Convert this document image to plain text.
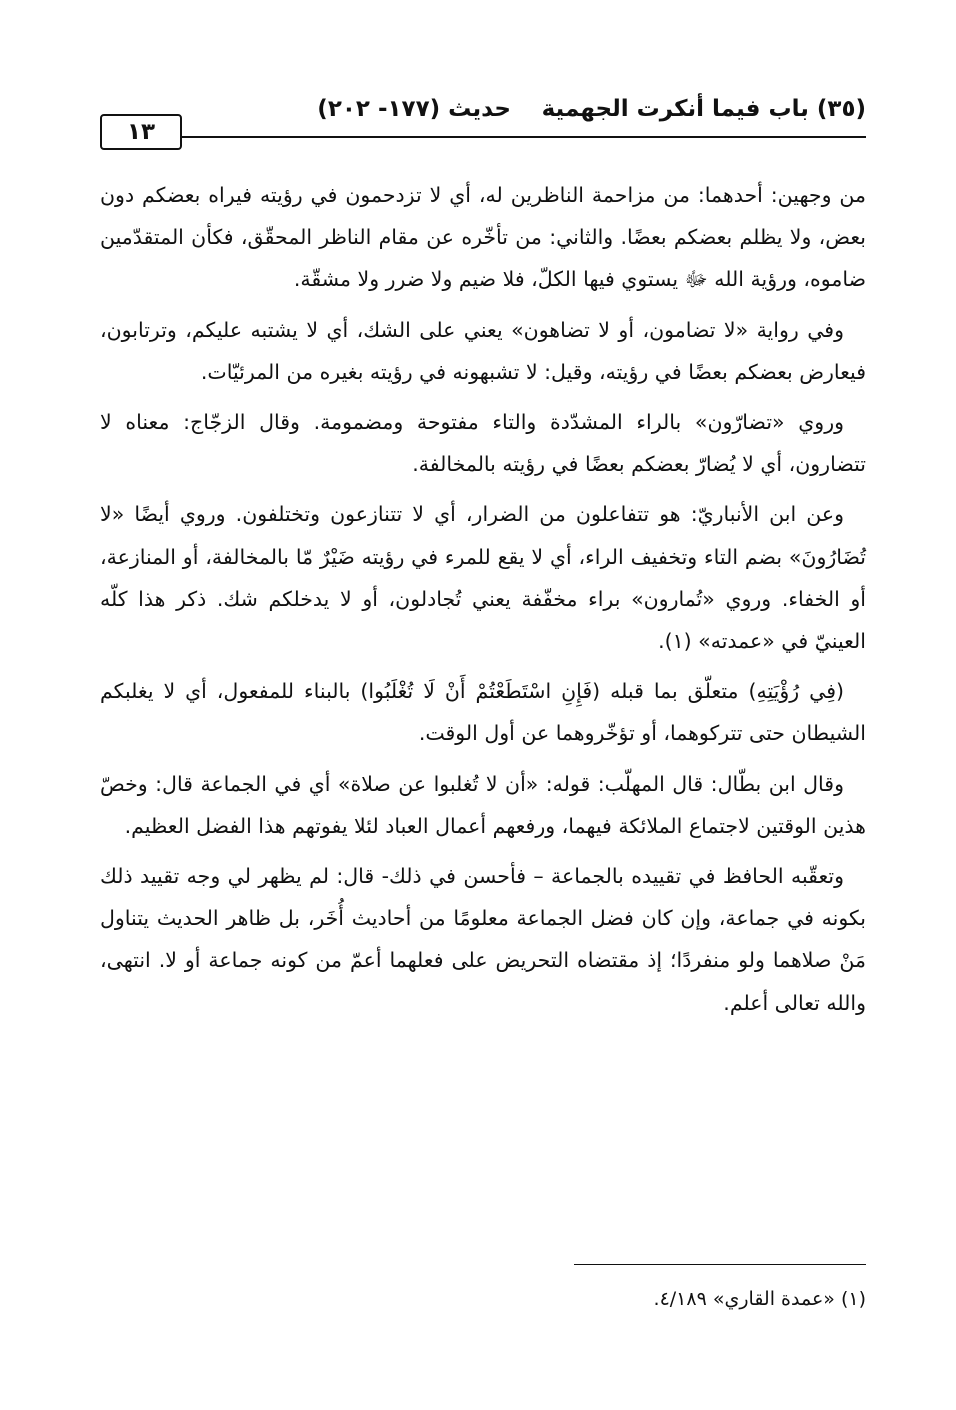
(٣٥) باب فيما أنكرت الجهمية
حديث (١٧٧- ٢٠٢)
١٣

من وجهين: أحدهما: من مزاحمة الناظرين له، أي لا تزدحمون في رؤيته فيراه بعضكم دون بعض، ولا يظلم بعضكم بعضًا. والثاني: من تأخّره عن مقام الناظر المحقّق، فكأن المتقدّمين ضاموه، ورؤية الله ﷻ يستوي فيها الكلّ، فلا ضيم ولا ضرر ولا مشقّة.

وفي رواية «لا تضامون، أو لا تضاهون» يعني على الشك، أي لا يشتبه عليكم، وترتابون، فيعارض بعضكم بعضًا في رؤيته، وقيل: لا تشبهونه في رؤيته بغيره من المرئيّات.

وروي «تضارّون» بالراء المشدّدة والتاء مفتوحة ومضمومة. وقال الزجّاج: معناه لا تتضارون، أي لا يُضارّ بعضكم بعضًا في رؤيته بالمخالفة.

وعن ابن الأنباريّ: هو تتفاعلون من الضرار، أي لا تتنازعون وتختلفون. وروي أيضًا «لا تُضَارُونَ» بضم التاء وتخفيف الراء، أي لا يقع للمرء في رؤيته ضَيْرٌ مّا بالمخالفة، أو المنازعة، أو الخفاء. وروي «تُمارون» براء مخفّفة يعني تُجادلون، أو لا يدخلكم شك. ذكر هذا كلّه العينيّ في «عمدته» (١).

(فِي رُؤْيَتِهِ) متعلّق بما قبله (فَإِنِ اسْتَطَعْتُمْ أَنْ لَا تُغْلَبُوا) بالبناء للمفعول، أي لا يغلبكم الشيطان حتى تتركوهما، أو تؤخّروهما عن أول الوقت.

وقال ابن بطّال: قال المهلّب: قوله: «أن لا تُغلبوا عن صلاة» أي في الجماعة قال: وخصّ هذين الوقتين لاجتماع الملائكة فيهما، ورفعهم أعمال العباد لئلا يفوتهم هذا الفضل العظيم.

وتعقّبه الحافظ في تقييده بالجماعة – فأحسن في ذلك- قال: لم يظهر لي وجه تقييد ذلك بكونه في جماعة، وإن كان فضل الجماعة معلومًا من أحاديث أُخَر، بل ظاهر الحديث يتناول مَنْ صلاهما ولو منفردًا؛ إذ مقتضاه التحريض على فعلهما أعمّ من كونه جماعة أو لا. انتهى، والله تعالى أعلم.

(١) «عمدة القاري» ٤/١٨٩.
